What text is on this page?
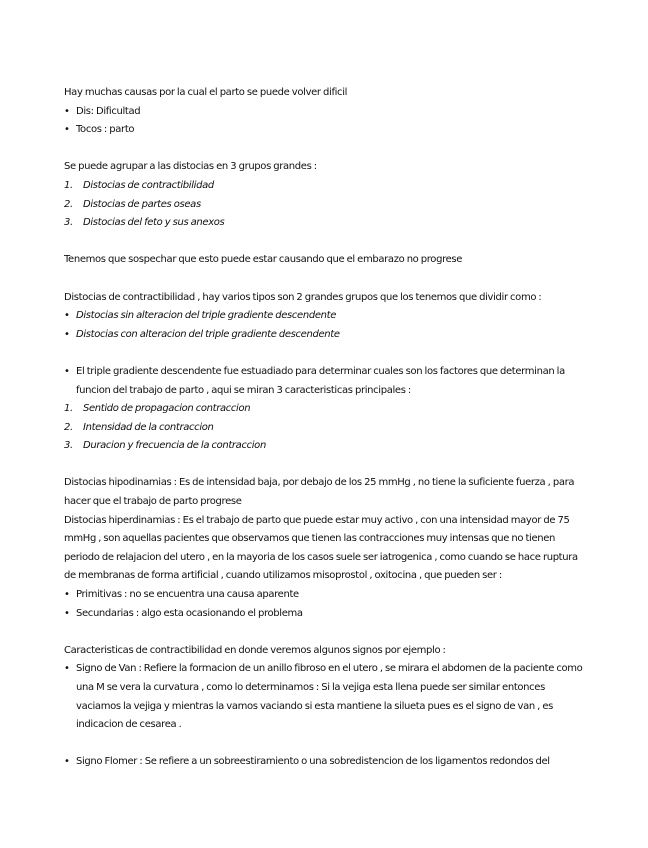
Hay muchas causas por la cual el parto se puede volver dificil

• Dis: Dificultad
• Tocos : parto

Se puede agrupar a las distocias en 3 grupos grandes :

1. Distocias de contractibilidad
2. Distocias de partes oseas
3. Distocias del feto y sus anexos

Tenemos que sospechar que esto puede estar causando que el embarazo no progrese

Distocias de contractibilidad , hay varios tipos son 2 grandes grupos que los tenemos que dividir como :

• Distocias sin alteracion del triple gradiente descendente
• Distocias con alteracion del triple gradiente descendente
• El triple gradiente descendente fue estuadiado para determinar cuales son los factores que determinan la funcion del trabajo de parto , aqui se miran 3 caracteristicas principales :
1. Sentido de propagacion contraccion
2. Intensidad de la contraccion
3. Duracion y frecuencia de la contraccion

Distocias hipodinamias : Es de intensidad baja, por debajo de los 25 mmHg , no tiene la suficiente fuerza , para hacer que el trabajo de parto progrese

Distocias hiperdinamias : Es el trabajo de parto que puede estar muy activo , con una intensidad mayor de 75 mmHg , son aquellas pacientes que observamos que tienen las contracciones muy intensas que no tienen periodo de relajacion del utero , en la mayoria de los casos suele ser iatrogenica , como cuando se hace ruptura de membranas de forma artificial , cuando utilizamos misoprostol , oxitocina , que pueden ser :

• Primitivas : no se encuentra una causa aparente
• Secundarias : algo esta ocasionando el problema

Caracteristicas de contractibilidad en donde veremos algunos signos por ejemplo :

• Signo de Van : Refiere la formacion de un anillo fibroso en el utero , se mirara el abdomen de la paciente como una M se vera la curvatura , como lo determinamos : Si la vejiga esta llena puede ser similar entonces vaciamos la vejiga y mientras la vamos vaciando si esta mantiene la silueta pues es el signo de van , es indicacion de cesarea .
• Signo Flomer : Se refiere a un sobreestiramiento o una sobredistencion de los ligamentos redondos del
